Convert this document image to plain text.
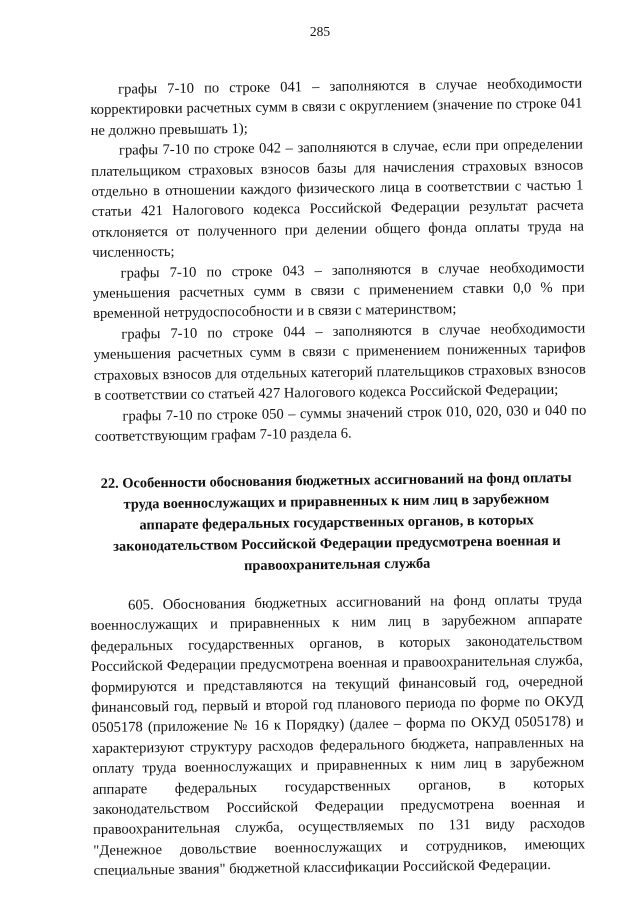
285

графы 7-10 по строке 041 – заполняются в случае необходимости корректировки расчетных сумм в связи с округлением (значение по строке 041 не должно превышать 1);

графы 7-10 по строке 042 – заполняются в случае, если при определении плательщиком страховых взносов базы для начисления страховых взносов отдельно в отношении каждого физического лица в соответствии с частью 1 статьи 421 Налогового кодекса Российской Федерации результат расчета отклоняется от полученного при делении общего фонда оплаты труда на численность;

графы 7-10 по строке 043 – заполняются в случае необходимости уменьшения расчетных сумм в связи с применением ставки 0,0 % при временной нетрудоспособности и в связи с материнством;

графы 7-10 по строке 044 – заполняются в случае необходимости уменьшения расчетных сумм в связи с применением пониженных тарифов страховых взносов для отдельных категорий плательщиков страховых взносов в соответствии со статьей 427 Налогового кодекса Российской Федерации;

графы 7-10 по строке 050 – суммы значений строк 010, 020, 030 и 040 по соответствующим графам 7-10 раздела 6.

22. Особенности обоснования бюджетных ассигнований на фонд оплаты труда военнослужащих и приравненных к ним лиц в зарубежном аппарате федеральных государственных органов, в которых законодательством Российской Федерации предусмотрена военная и правоохранительная служба

605. Обоснования бюджетных ассигнований на фонд оплаты труда военнослужащих и приравненных к ним лиц в зарубежном аппарате федеральных государственных органов, в которых законодательством Российской Федерации предусмотрена военная и правоохранительная служба, формируются и представляются на текущий финансовый год, очередной финансовый год, первый и второй год планового периода по форме по ОКУД 0505178 (приложение № 16 к Порядку) (далее – форма по ОКУД 0505178) и характеризуют структуру расходов федерального бюджета, направленных на оплату труда военнослужащих и приравненных к ним лиц в зарубежном аппарате федеральных государственных органов, в которых законодательством Российской Федерации предусмотрена военная и правоохранительная служба, осуществляемых по 131 виду расходов "Денежное довольствие военнослужащих и сотрудников, имеющих специальные звания" бюджетной классификации Российской Федерации.
